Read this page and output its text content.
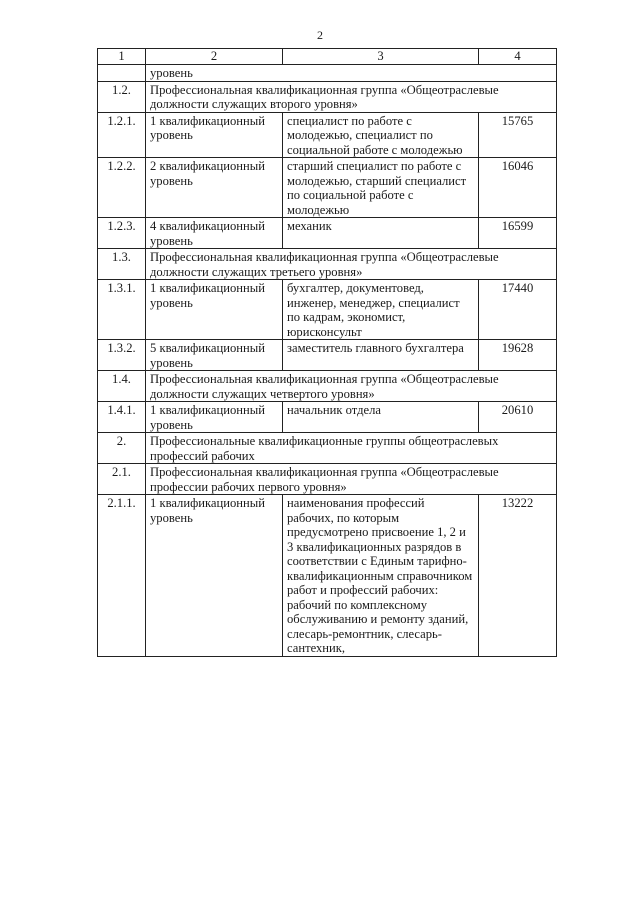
2
1	2	3	4
	уровень		
1.2.	Профессиональная квалификационная группа «Общеотраслевые должности служащих второго уровня»		
1.2.1.	1 квалификационный уровень	специалист по работе с молодежью, специалист по социальной работе с молодежью	15765
1.2.2.	2 квалификационный уровень	старший специалист по работе с молодежью, старший специалист по социальной работе с молодежью	16046
1.2.3.	4 квалификационный уровень	механик	16599
1.3.	Профессиональная квалификационная группа «Общеотраслевые должности служащих третьего уровня»		
1.3.1.	1 квалификационный уровень	бухгалтер, документовед, инженер, менеджер, специалист по кадрам, экономист, юрисконсульт	17440
1.3.2.	5 квалификационный уровень	заместитель главного бухгалтера	19628
1.4.	Профессиональная квалификационная группа «Общеотраслевые должности служащих четвертого уровня»		
1.4.1.	1 квалификационный уровень	начальник отдела	20610
2.	Профессиональные квалификационные группы общеотраслевых профессий рабочих		
2.1.	Профессиональная квалификационная группа «Общеотраслевые профессии рабочих первого уровня»		
2.1.1.	1 квалификационный уровень	наименования профессий рабочих, по которым предусмотрено присвоение 1, 2 и 3 квалификационных разрядов в соответствии с Единым тарифно-квалификационным справочником работ и профессий рабочих: рабочий по комплексному обслуживанию и ремонту зданий, слесарь-ремонтник, слесарь-сантехник,	13222
